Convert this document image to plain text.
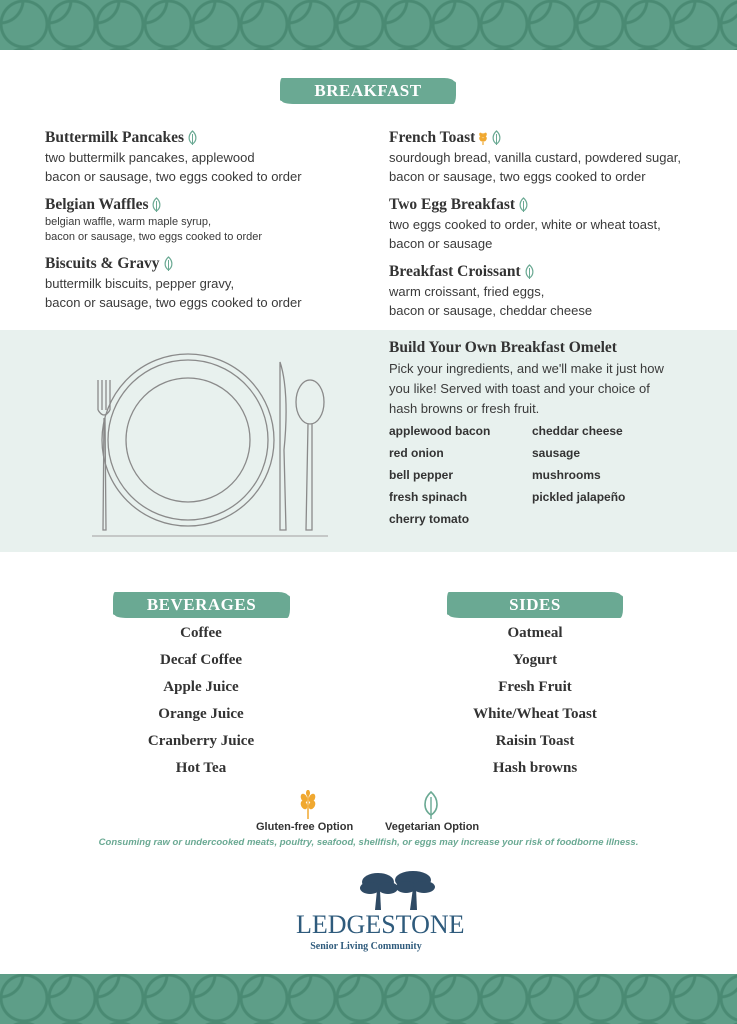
BREAKFAST
Buttermilk Pancakes
two buttermilk pancakes, applewood
bacon or sausage, two eggs cooked to order
Belgian Waffles
belgian waffle, warm maple syrup,
bacon or sausage, two eggs cooked to order
Biscuits & Gravy
buttermilk biscuits, pepper gravy,
bacon or sausage, two eggs cooked to order
French Toast
sourdough bread, vanilla custard, powdered sugar,
bacon or sausage, two eggs cooked to order
Two Egg Breakfast
two eggs cooked to order, white or wheat toast,
bacon or sausage
Breakfast Croissant
warm croissant, fried eggs,
bacon or sausage, cheddar cheese
Build Your Own Breakfast Omelet
Pick your ingredients, and we'll make it just how
you like! Served with toast and your choice of
hash browns or fresh fruit.
applewood bacon
red onion
bell pepper
fresh spinach
cherry tomato
cheddar cheese
sausage
mushrooms
pickled jalapeño
BEVERAGES	SIDES
Coffee
Decaf Coffee
Apple Juice
Orange Juice
Cranberry Juice
Hot Tea
Oatmeal
Yogurt
Fresh Fruit
White/Wheat Toast
Raisin Toast
Hash browns
Gluten-free Option	Vegetarian Option
Consuming raw or undercooked meats, poultry, seafood, shellfish, or eggs may increase your risk of foodborne illness.
LEDGESTONE
Senior Living Community
